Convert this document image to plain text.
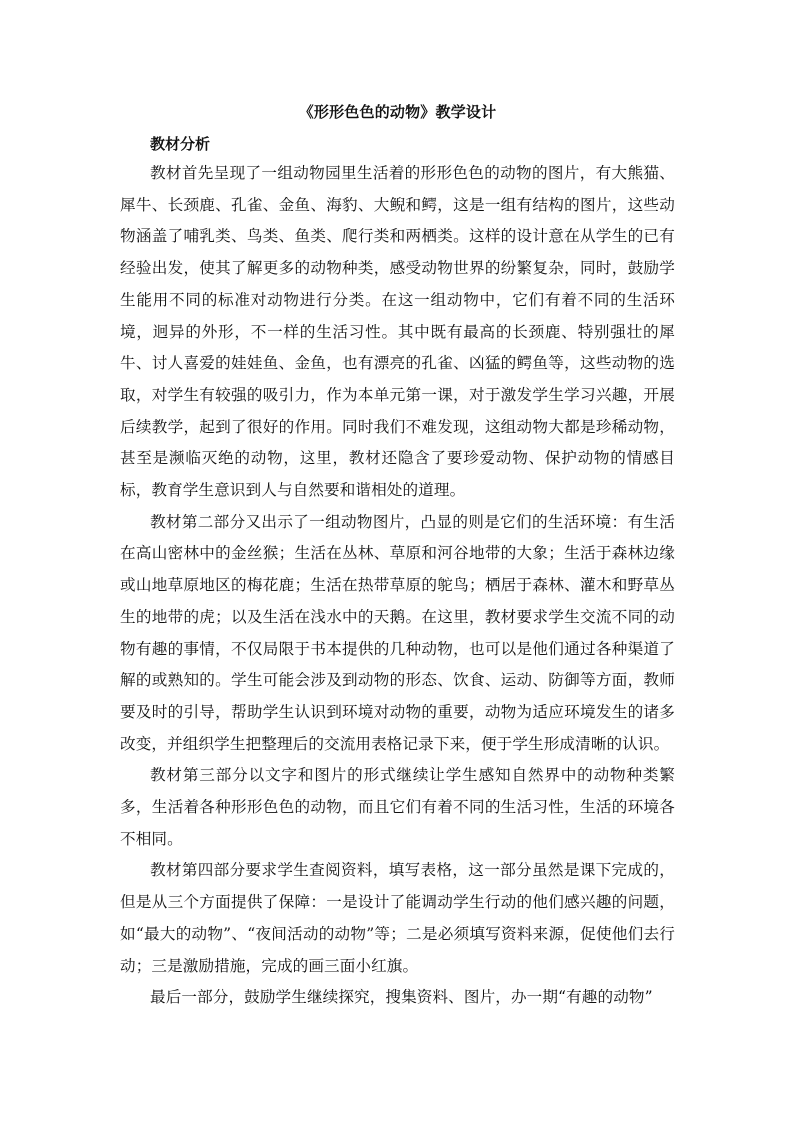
《形形色色的动物》教学设计
教材分析

教材首先呈现了一组动物园里生活着的形形色色的动物的图片，有大熊猫、犀牛、长颈鹿、孔雀、金鱼、海豹、大鲵和鳄，这是一组有结构的图片，这些动物涵盖了哺乳类、鸟类、鱼类、爬行类和两栖类。这样的设计意在从学生的已有经验出发，使其了解更多的动物种类，感受动物世界的纷繁复杂，同时，鼓励学生能用不同的标准对动物进行分类。在这一组动物中，它们有着不同的生活环境，迥异的外形，不一样的生活习性。其中既有最高的长颈鹿、特别强壮的犀牛、讨人喜爱的娃娃鱼、金鱼，也有漂亮的孔雀、凶猛的鳄鱼等，这些动物的选取，对学生有较强的吸引力，作为本单元第一课，对于激发学生学习兴趣，开展后续教学，起到了很好的作用。同时我们不难发现，这组动物大都是珍稀动物，甚至是濒临灭绝的动物，这里，教材还隐含了要珍爱动物、保护动物的情感目标，教育学生意识到人与自然要和谐相处的道理。

教材第二部分又出示了一组动物图片，凸显的则是它们的生活环境：有生活在高山密林中的金丝猴；生活在丛林、草原和河谷地带的大象；生活于森林边缘或山地草原地区的梅花鹿；生活在热带草原的鸵鸟；栖居于森林、灌木和野草丛生的地带的虎；以及生活在浅水中的天鹅。在这里，教材要求学生交流不同的动物有趣的事情，不仅局限于书本提供的几种动物，也可以是他们通过各种渠道了解的或熟知的。学生可能会涉及到动物的形态、饮食、运动、防御等方面，教师要及时的引导，帮助学生认识到环境对动物的重要，动物为适应环境发生的诸多改变，并组织学生把整理后的交流用表格记录下来，便于学生形成清晰的认识。

教材第三部分以文字和图片的形式继续让学生感知自然界中的动物种类繁多，生活着各种形形色色的动物，而且它们有着不同的生活习性，生活的环境各不相同。

教材第四部分要求学生查阅资料，填写表格，这一部分虽然是课下完成的，但是从三个方面提供了保障：一是设计了能调动学生行动的他们感兴趣的问题，如“最大的动物”、“夜间活动的动物”等；二是必须填写资料来源，促使他们去行动；三是激励措施，完成的画三面小红旗。

最后一部分，鼓励学生继续探究，搜集资料、图片，办一期“有趣的动物”
